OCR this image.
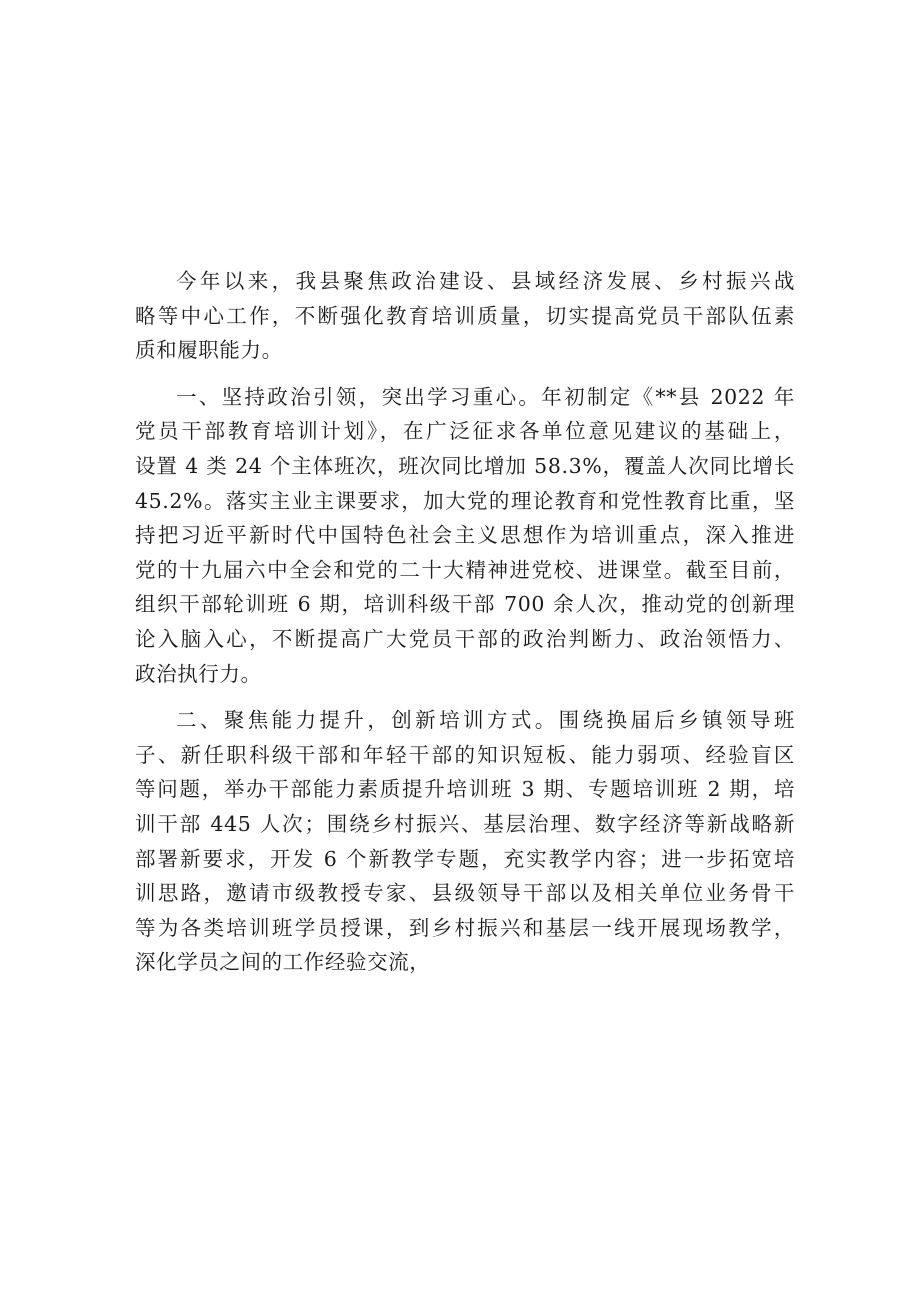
今年以来，我县聚焦政治建设、县域经济发展、乡村振兴战
略等中心工作，不断强化教育培训质量，切实提高党员干部队伍素
质和履职能力。

一、坚持政治引领，突出学习重心。年初制定《**县 2022 年
党员干部教育培训计划》，在广泛征求各单位意见建议的基础上，
设置 4 类 24 个主体班次，班次同比增加 58.3%，覆盖人次同比增长
45.2%。落实主业主课要求，加大党的理论教育和党性教育比重，坚
持把习近平新时代中国特色社会主义思想作为培训重点，深入推进
党的十九届六中全会和党的二十大精神进党校、进课堂。截至目前，
组织干部轮训班 6 期，培训科级干部 700 余人次，推动党的创新理
论入脑入心，不断提高广大党员干部的政治判断力、政治领悟力、
政治执行力。

二、聚焦能力提升，创新培训方式。围绕换届后乡镇领导班
子、新任职科级干部和年轻干部的知识短板、能力弱项、经验盲区
等问题，举办干部能力素质提升培训班 3 期、专题培训班 2 期，培
训干部 445 人次；围绕乡村振兴、基层治理、数字经济等新战略新
部署新要求，开发 6 个新教学专题，充实教学内容；进一步拓宽培
训思路，邀请市级教授专家、县级领导干部以及相关单位业务骨干
等为各类培训班学员授课，到乡村振兴和基层一线开展现场教学，
深化学员之间的工作经验交流，
